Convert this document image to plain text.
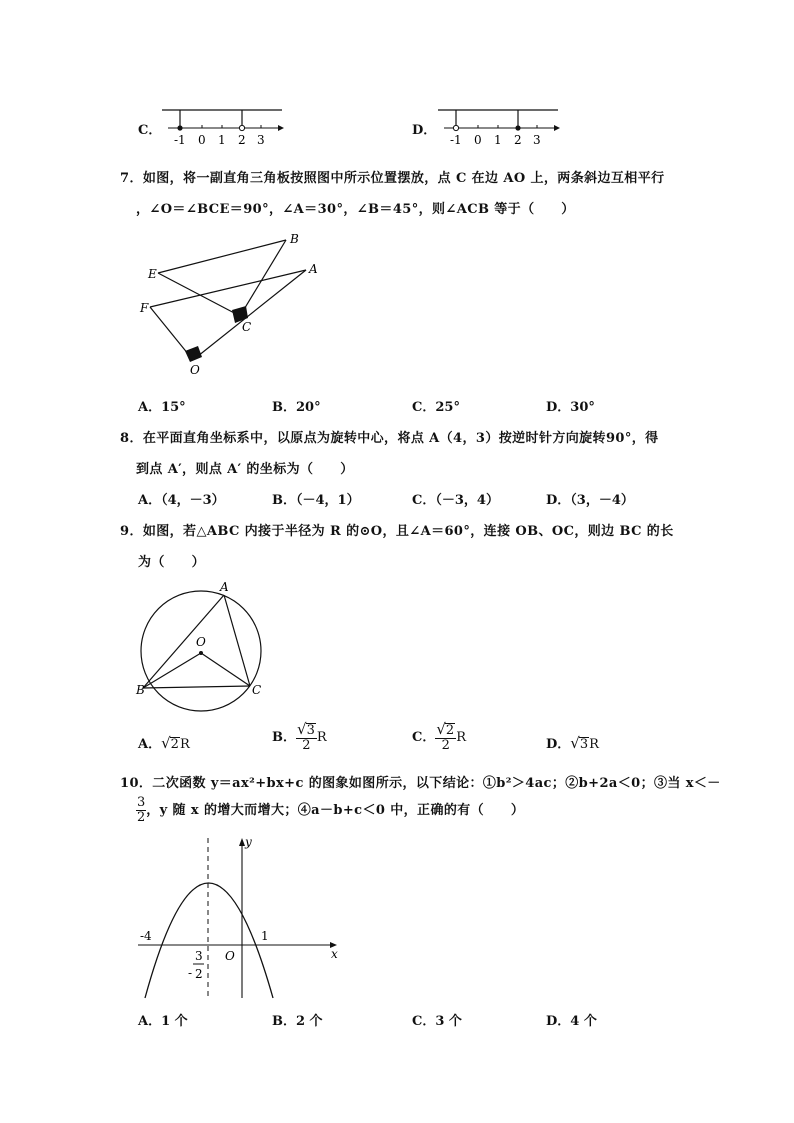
C．
-1 0 1 2 3
D．
-1 0 1 2 3
7．如图，将一副直角三角板按照图中所示位置摆放，点 C 在边 AO 上，两条斜边互相平行
，∠O＝∠BCE＝90°，∠A＝30°，∠B＝45°，则∠ACB 等于（　　）
B
E	A
F
C
O
A．15°	B．20°	C．25°	D．30°
8．在平面直角坐标系中，以原点为旋转中心，将点 A（4，3）按逆时针方向旋转90°，得
到点 A′，则点 A′ 的坐标为（　　）
A．（4，－3）	B．（－4，1）	C．（－3，4）	D．（3，－4）
9．如图，若△ABC 内接于半径为 R 的⊙O，且∠A＝60°，连接 OB、OC，则边 BC 的长
为（　　）
A
O
B	C
A．√2R	B． $\frac{√3}{2}$ R	C． $\frac{√2}{2}$ R	D．√3R
10．二次函数 y＝ax²+bx+c 的图象如图所示，以下结论：①b²＞4ac；②b+2a＜0；③当 x＜－
$\frac{3}{2}$ ，y 随 x 的增大而增大；④a－b+c＜0 中，正确的有（　　）
-4	1
y
x
O
-
3
2
A．1 个	B．2 个	C．3 个	D．4 个
